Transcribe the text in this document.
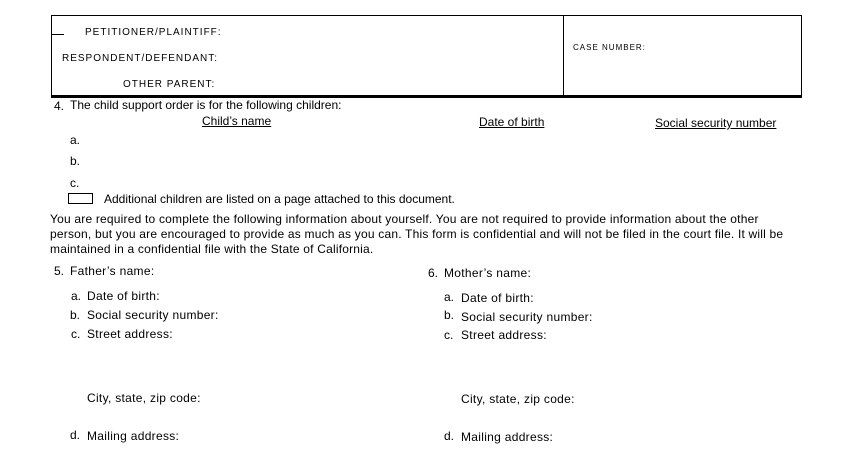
PETITIONER/PLAINTIFF:
RESPONDENT/DEFENDANT:
OTHER PARENT:
CASE NUMBER:
4. The child support order is for the following children:
Child’s name	Date of birth	Social security number
a.
b.
c.
Additional children are listed on a page attached to this document.
You are required to complete the following information about yourself. You are not required to provide information about the other
person, but you are encouraged to provide as much as you can. This form is confidential and will not be filed in the court file. It will be
maintained in a confidential file with the State of California.
5. Father’s name:
a. Date of birth:
b. Social security number:
c. Street address:
City, state, zip code:
d. Mailing address:
6. Mother’s name:
a. Date of birth:
b. Social security number:
c. Street address:
City, state, zip code:
d. Mailing address:
